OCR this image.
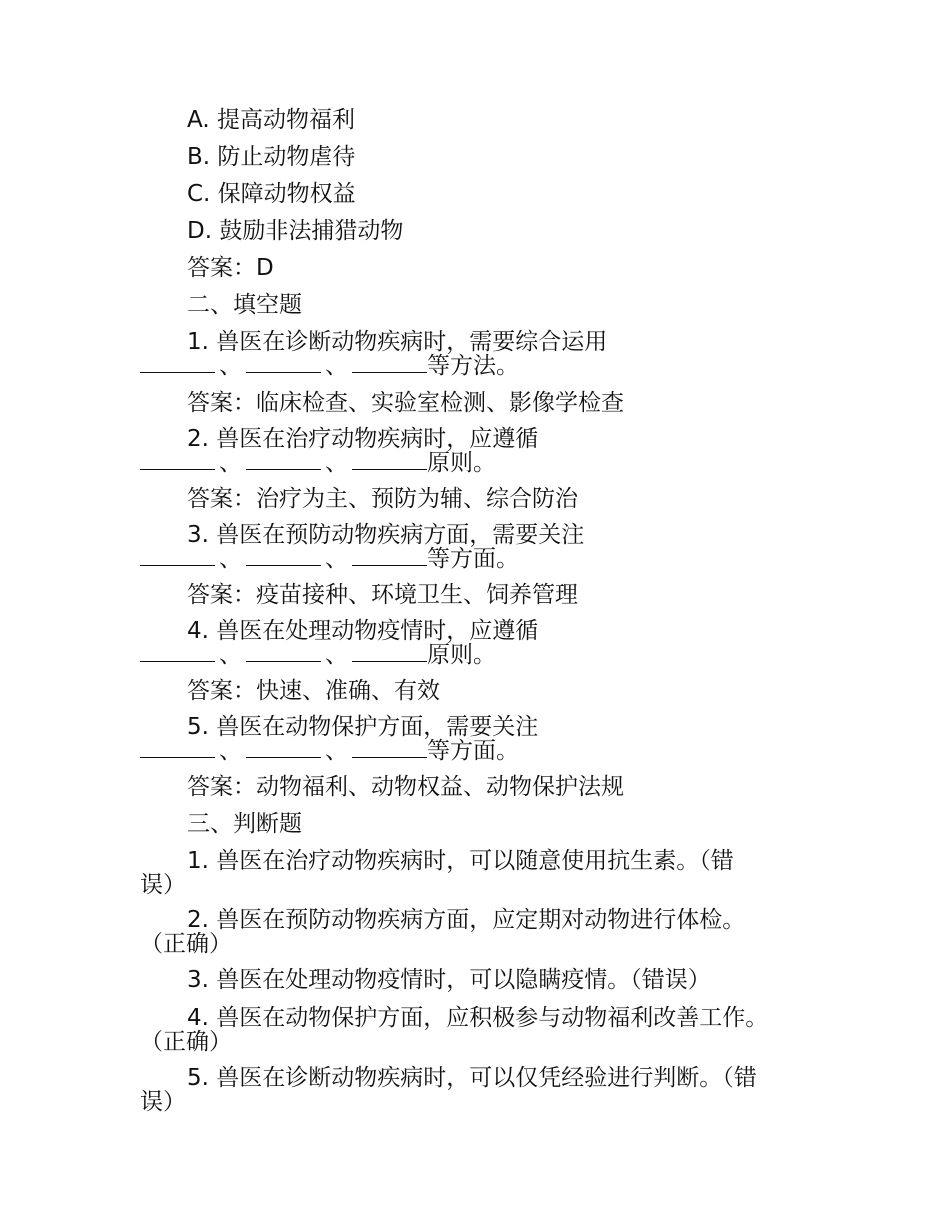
A. 提高动物福利
B. 防止动物虐待
C. 保障动物权益
D. 鼓励非法捕猎动物
答案：D
二、填空题
1. 兽医在诊断动物疾病时，需要综合运用
、	、	等方法。
答案：临床检查、实验室检测、影像学检查
2. 兽医在治疗动物疾病时，应遵循
、	、	原则。
答案：治疗为主、预防为辅、综合防治
3. 兽医在预防动物疾病方面，需要关注
、	、	等方面。
答案：疫苗接种、环境卫生、饲养管理
4. 兽医在处理动物疫情时，应遵循
、	、	原则。
答案：快速、准确、有效
5. 兽医在动物保护方面，需要关注
、	、	等方面。
答案：动物福利、动物权益、动物保护法规
三、判断题
1. 兽医在治疗动物疾病时，可以随意使用抗生素。（错
误）
2. 兽医在预防动物疾病方面，应定期对动物进行体检。
（正确）
3. 兽医在处理动物疫情时，可以隐瞒疫情。（错误）
4. 兽医在动物保护方面，应积极参与动物福利改善工作。
（正确）
5. 兽医在诊断动物疾病时，可以仅凭经验进行判断。（错
误）
